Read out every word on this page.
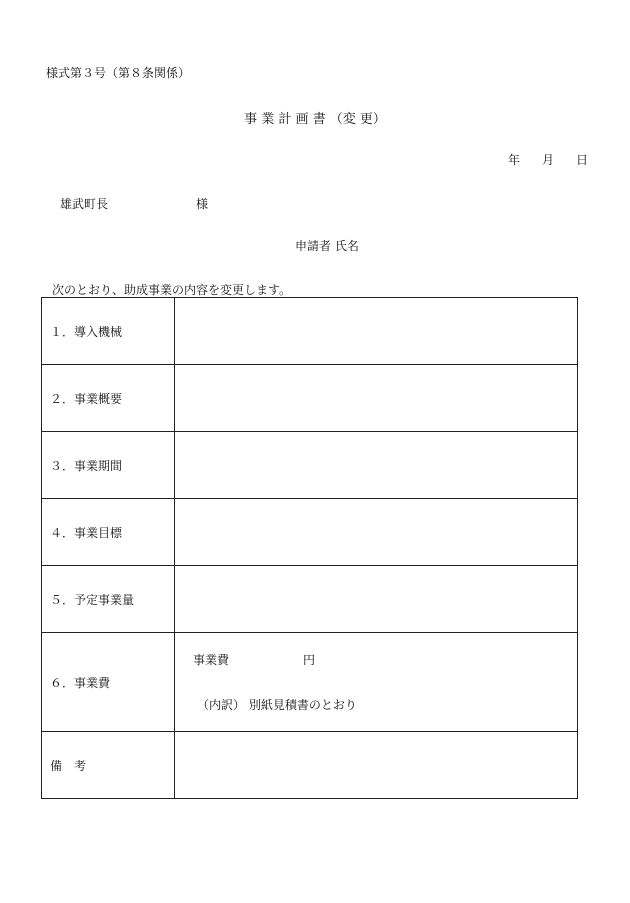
様式第３号（第８条関係）
事 業 計 画 書 （変 更）
年 月 日
雄武町長	様
申請者 氏名
次のとおり、助成事業の内容を変更します。
１．導入機械	
２．事業概要	
３．事業期間	
４．事業目標	
５．予定事業量	
６．事業費	事業費 円
（内訳） 別紙見積書のとおり

備　考	
